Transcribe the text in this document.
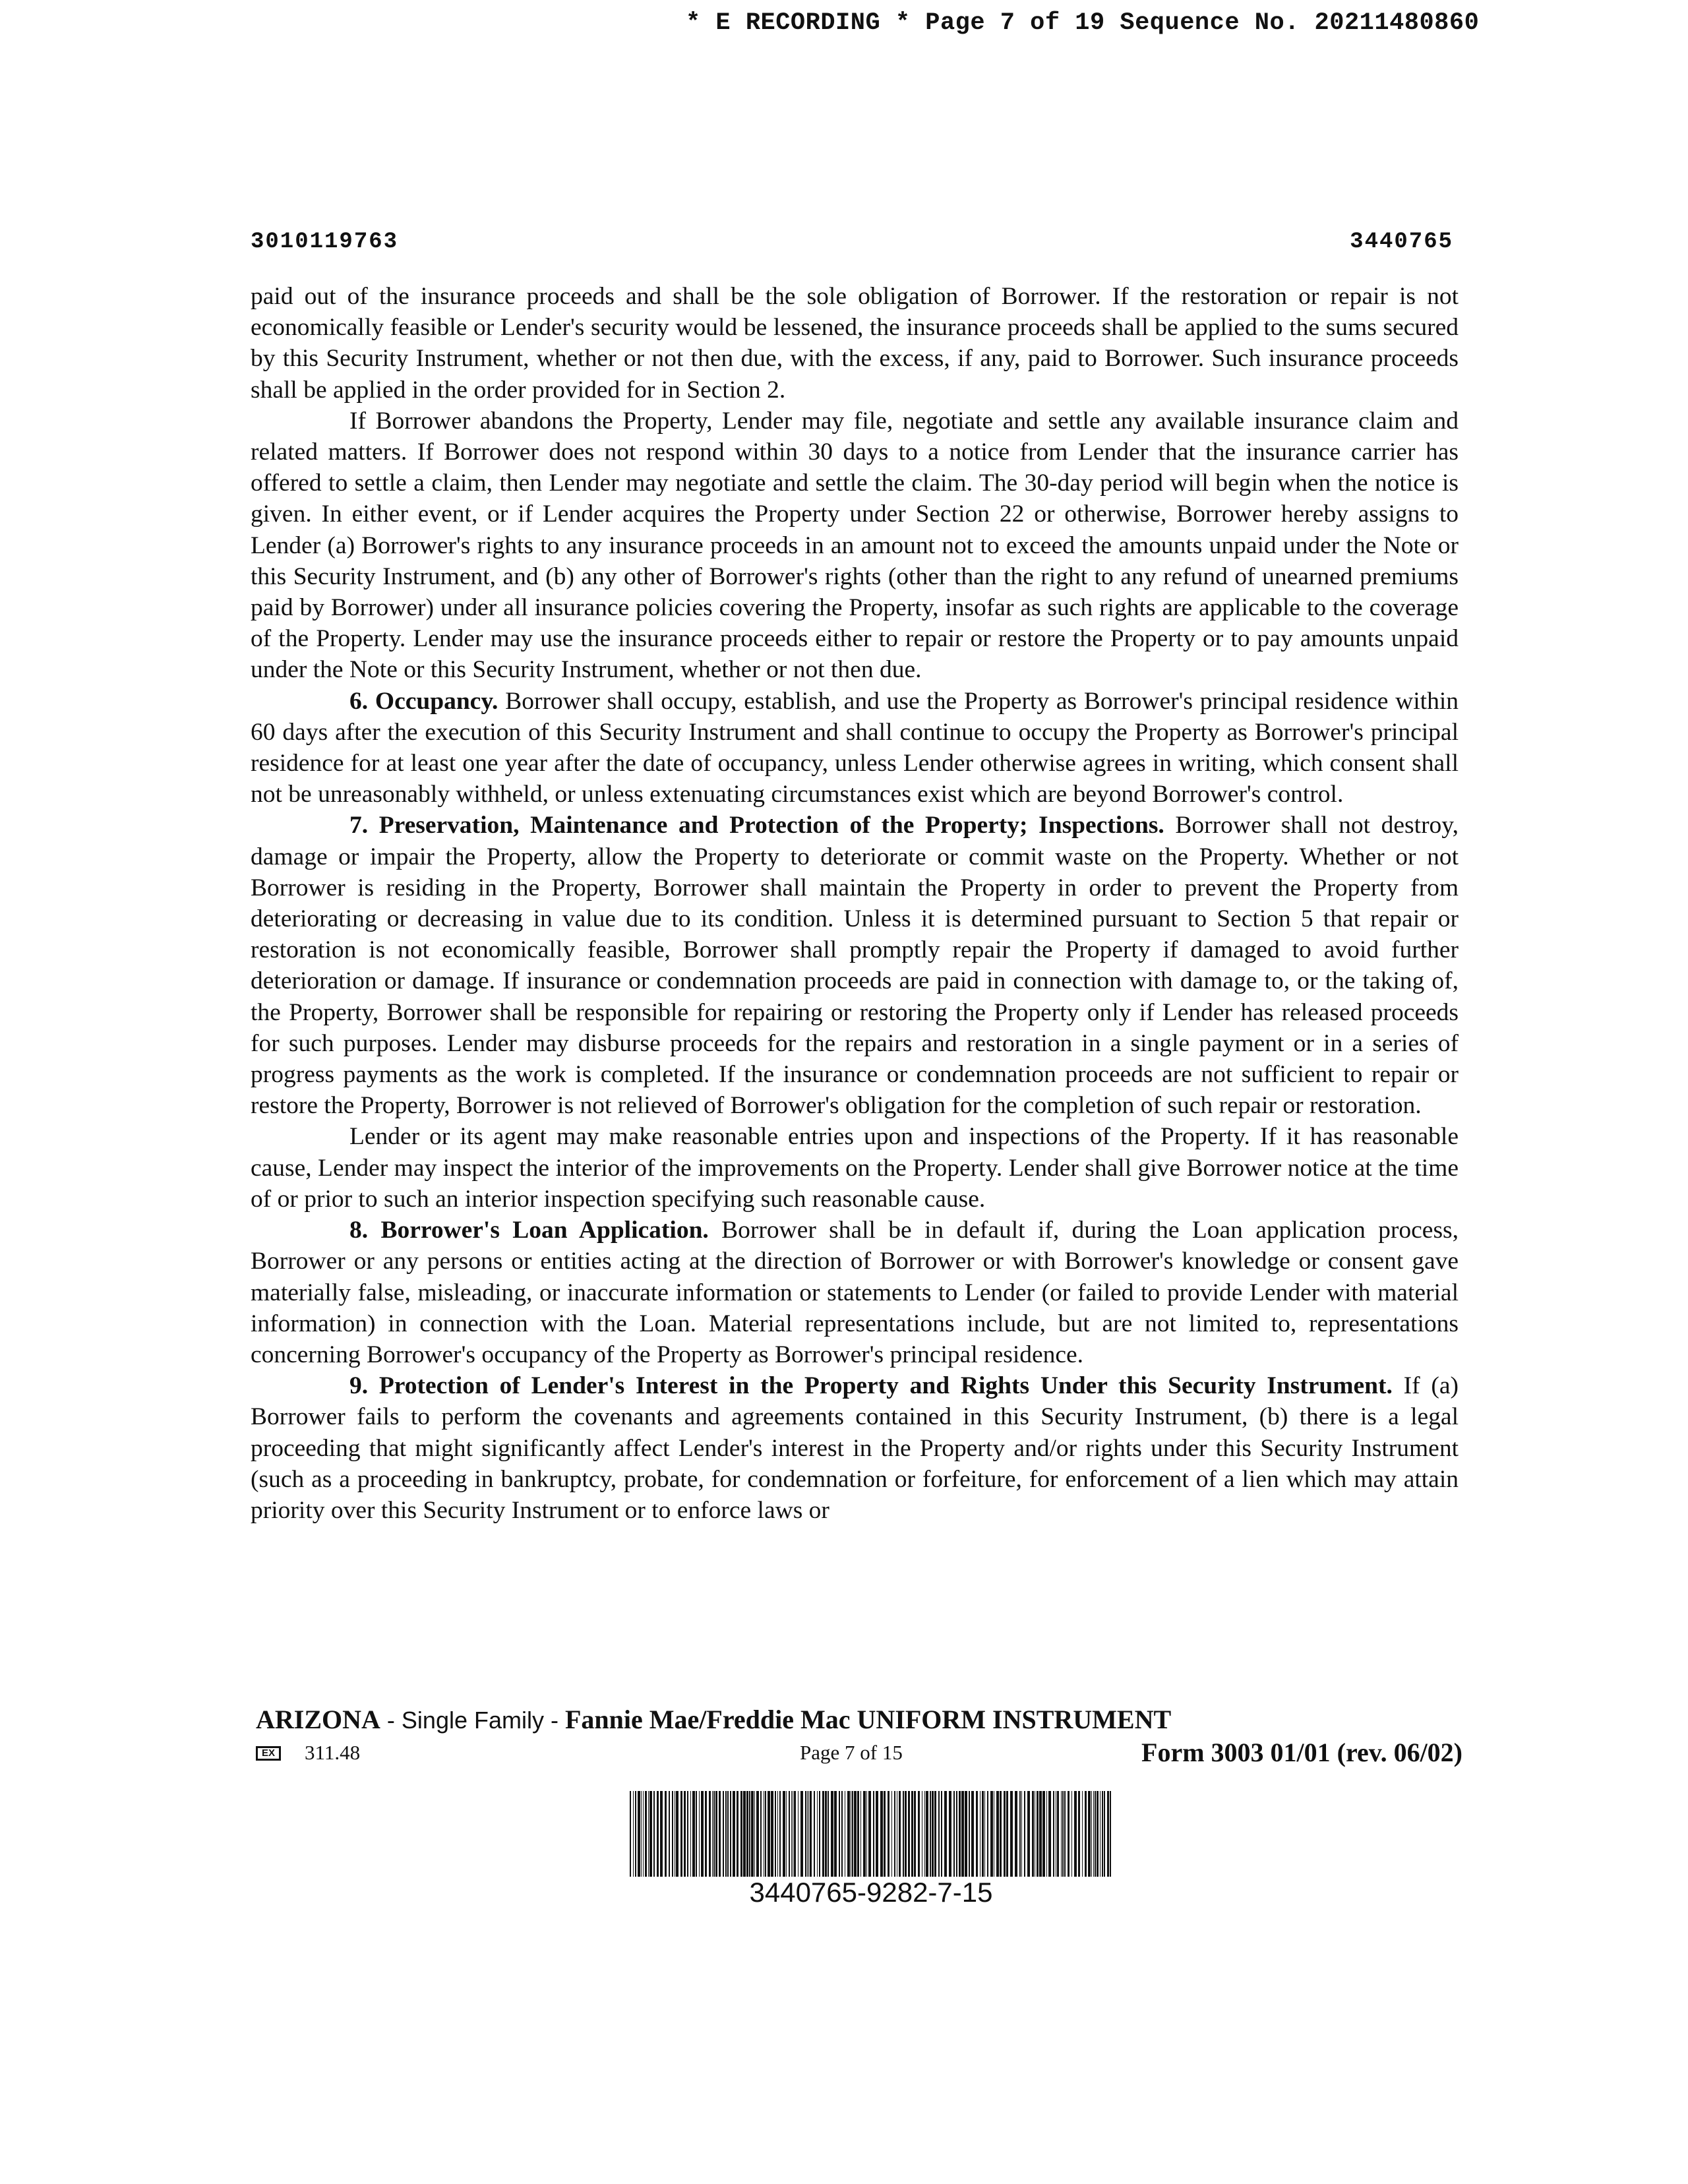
* E RECORDING * Page 7 of 19 Sequence No. 20211480860
3010119763	3440765

paid out of the insurance proceeds and shall be the sole obligation of Borrower. If the restoration or repair is not economically feasible or Lender's security would be lessened, the insurance proceeds shall be applied to the sums secured by this Security Instrument, whether or not then due, with the excess, if any, paid to Borrower. Such insurance proceeds shall be applied in the order provided for in Section 2.

If Borrower abandons the Property, Lender may file, negotiate and settle any available insurance claim and related matters. If Borrower does not respond within 30 days to a notice from Lender that the insurance carrier has offered to settle a claim, then Lender may negotiate and settle the claim. The 30-day period will begin when the notice is given. In either event, or if Lender acquires the Property under Section 22 or otherwise, Borrower hereby assigns to Lender (a) Borrower's rights to any insurance proceeds in an amount not to exceed the amounts unpaid under the Note or this Security Instrument, and (b) any other of Borrower's rights (other than the right to any refund of unearned premiums paid by Borrower) under all insurance policies covering the Property, insofar as such rights are applicable to the coverage of the Property. Lender may use the insurance proceeds either to repair or restore the Property or to pay amounts unpaid under the Note or this Security Instrument, whether or not then due.

6. Occupancy. Borrower shall occupy, establish, and use the Property as Borrower's principal residence within 60 days after the execution of this Security Instrument and shall continue to occupy the Property as Borrower's principal residence for at least one year after the date of occupancy, unless Lender otherwise agrees in writing, which consent shall not be unreasonably withheld, or unless extenuating circumstances exist which are beyond Borrower's control.

7. Preservation, Maintenance and Protection of the Property; Inspections. Borrower shall not destroy, damage or impair the Property, allow the Property to deteriorate or commit waste on the Property. Whether or not Borrower is residing in the Property, Borrower shall maintain the Property in order to prevent the Property from deteriorating or decreasing in value due to its condition. Unless it is determined pursuant to Section 5 that repair or restoration is not economically feasible, Borrower shall promptly repair the Property if damaged to avoid further deterioration or damage. If insurance or condemnation proceeds are paid in connection with damage to, or the taking of, the Property, Borrower shall be responsible for repairing or restoring the Property only if Lender has released proceeds for such purposes. Lender may disburse proceeds for the repairs and restoration in a single payment or in a series of progress payments as the work is completed. If the insurance or condemnation proceeds are not sufficient to repair or restore the Property, Borrower is not relieved of Borrower's obligation for the completion of such repair or restoration.

Lender or its agent may make reasonable entries upon and inspections of the Property. If it has reasonable cause, Lender may inspect the interior of the improvements on the Property. Lender shall give Borrower notice at the time of or prior to such an interior inspection specifying such reasonable cause.

8. Borrower's Loan Application. Borrower shall be in default if, during the Loan application process, Borrower or any persons or entities acting at the direction of Borrower or with Borrower's knowledge or consent gave materially false, misleading, or inaccurate information or statements to Lender (or failed to provide Lender with material information) in connection with the Loan. Material representations include, but are not limited to, representations concerning Borrower's occupancy of the Property as Borrower's principal residence.

9. Protection of Lender's Interest in the Property and Rights Under this Security Instrument. If (a) Borrower fails to perform the covenants and agreements contained in this Security Instrument, (b) there is a legal proceeding that might significantly affect Lender's interest in the Property and/or rights under this Security Instrument (such as a proceeding in bankruptcy, probate, for condemnation or forfeiture, for enforcement of a lien which may attain priority over this Security Instrument or to enforce laws or

ARIZONA - Single Family - Fannie Mae/Freddie Mac UNIFORM INSTRUMENT
EX 311.48	Page 7 of 15	Form 3003 01/01 (rev. 06/02)
3440765-9282-7-15
